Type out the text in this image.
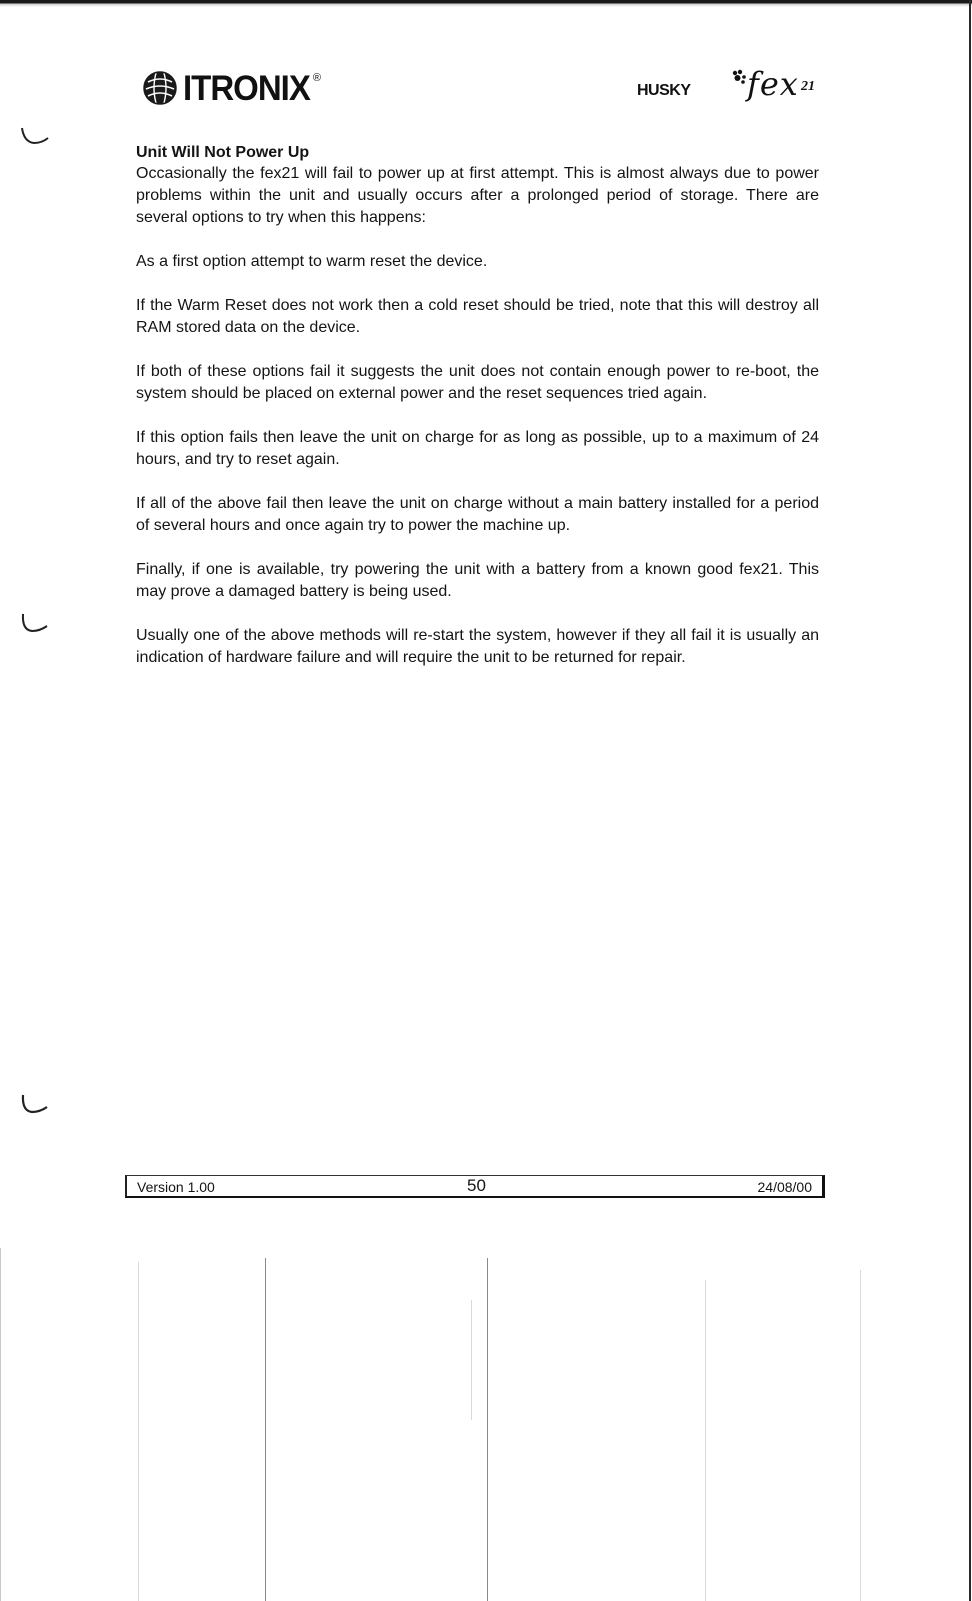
ITRONIX ®
HUSKY fex 21
Unit Will Not Power Up

Occasionally the fex21 will fail to power up at first attempt. This is almost always due to power problems within the unit and usually occurs after a prolonged period of storage. There are several options to try when this happens:

As a first option attempt to warm reset the device.

If the Warm Reset does not work then a cold reset should be tried, note that this will destroy all RAM stored data on the device.

If both of these options fail it suggests the unit does not contain enough power to re-boot, the system should be placed on external power and the reset sequences tried again.

If this option fails then leave the unit on charge for as long as possible, up to a maximum of 24 hours, and try to reset again.

If all of the above fail then leave the unit on charge without a main battery installed for a period of several hours and once again try to power the machine up.

Finally, if one is available, try powering the unit with a battery from a known good fex21. This may prove a damaged battery is being used.

Usually one of the above methods will re-start the system, however if they all fail it is usually an indication of hardware failure and will require the unit to be returned for repair.

Version 1.00	50	24/08/00
